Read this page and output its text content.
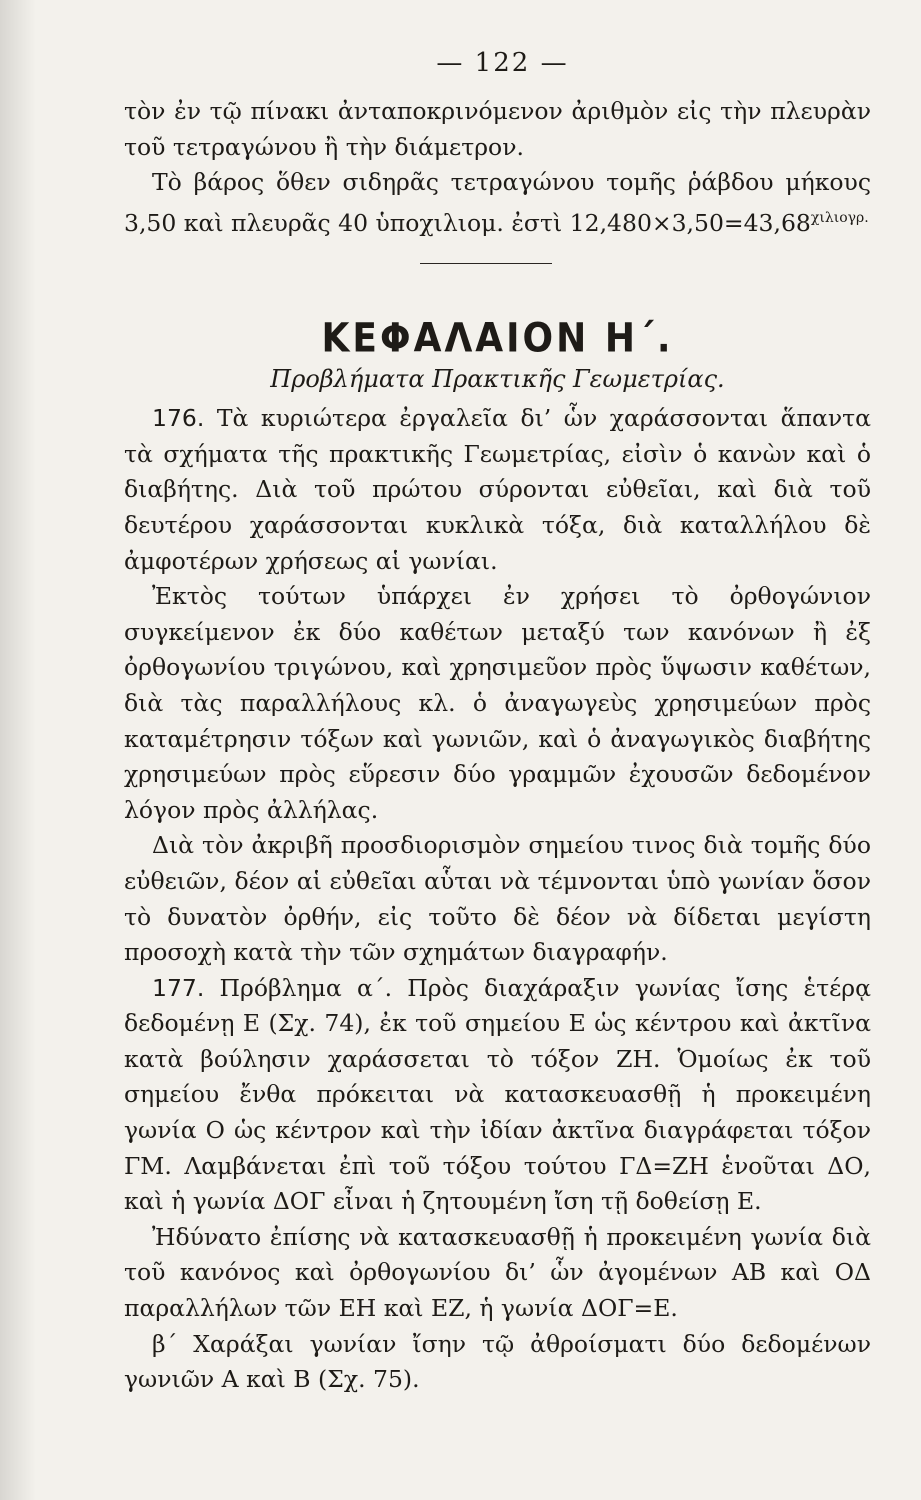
— 122 —

τὸν ἐν τῷ πίνακι ἀνταποκρινόμενον ἀριθμὸν εἰς τὴν πλευρὰν τοῦ τετραγώνου ἢ τὴν διάμετρον.

Τὸ βάρος ὅθεν σιδηρᾶς τετραγώνου τομῆς ῥάβδου μήκους 3,50 καὶ πλευρᾶς 40 ὑποχιλιομ. ἐστὶ $12,480\times 3,50=43,68^{\chi\iota\lambda\iota o\gamma\rho.}$

ΚΕΦΑΛΑΙΟΝ Η΄.
Προβλήματα Πρακτικῆς Γεωμετρίας.

176. Τὰ κυριώτερα ἐργαλεῖα δι’ ὧν χαράσσονται ἅπαντα τὰ σχήματα τῆς πρακτικῆς Γεωμετρίας, εἰσὶν ὁ κανὼν καὶ ὁ διαβήτης. Διὰ τοῦ πρώτου σύρονται εὐθεῖαι, καὶ διὰ τοῦ δευτέρου χαράσσονται κυκλικὰ τόξα, διὰ καταλλήλου δὲ ἀμφοτέρων χρήσεως αἱ γωνίαι.

Ἐκτὸς τούτων ὑπάρχει ἐν χρήσει τὸ ὀρθογώνιον συγκείμενον ἐκ δύο καθέτων μεταξύ των κανόνων ἢ ἐξ ὀρθογωνίου τριγώνου, καὶ χρησιμεῦον πρὸς ὕψωσιν καθέτων, διὰ τὰς παραλλήλους κλ. ὁ ἀναγωγεὺς χρησιμεύων πρὸς καταμέτρησιν τόξων καὶ γωνιῶν, καὶ ὁ ἀναγωγικὸς διαβήτης χρησιμεύων πρὸς εὕρεσιν δύο γραμμῶν ἐχουσῶν δεδομένον λόγον πρὸς ἀλλήλας.

Διὰ τὸν ἀκριβῆ προσδιορισμὸν σημείου τινος διὰ τομῆς δύο εὐθειῶν, δέον αἱ εὐθεῖαι αὗται νὰ τέμνονται ὑπὸ γωνίαν ὅσον τὸ δυνατὸν ὀρθήν, εἰς τοῦτο δὲ δέον νὰ δίδεται μεγίστη προσοχὴ κατὰ τὴν τῶν σχημάτων διαγραφήν.

177. Πρόβλημα α΄. Πρὸς διαχάραξιν γωνίας ἴσης ἑτέρᾳ δεδομένῃ Ε (Σχ. 74), ἐκ τοῦ σημείου Ε ὡς κέντρου καὶ ἀκτῖνα κατὰ βούλησιν χαράσσεται τὸ τόξον ΖΗ. Ὁμοίως ἐκ τοῦ σημείου ἔνθα πρόκειται νὰ κατασκευασθῇ ἡ προκειμένη γωνία Ο ὡς κέντρον καὶ τὴν ἰδίαν ἀκτῖνα διαγράφεται τόξον ΓΜ. Λαμβάνεται ἐπὶ τοῦ τόξου τούτου ΓΔ=ΖΗ ἑνοῦται ΔΟ, καὶ ἡ γωνία ΔΟΓ εἶναι ἡ ζητουμένη ἴση τῇ δοθείσῃ Ε.

Ἠδύνατο ἐπίσης νὰ κατασκευασθῇ ἡ προκειμένη γωνία διὰ τοῦ κανόνος καὶ ὀρθογωνίου δι’ ὧν ἀγομένων ΑΒ καὶ ΟΔ παραλλήλων τῶν ΕΗ καὶ ΕΖ, ἡ γωνία ΔΟΓ=Ε.

β΄ Χαράξαι γωνίαν ἴσην τῷ ἀθροίσματι δύο δεδομένων γωνιῶν Α καὶ Β (Σχ. 75).
